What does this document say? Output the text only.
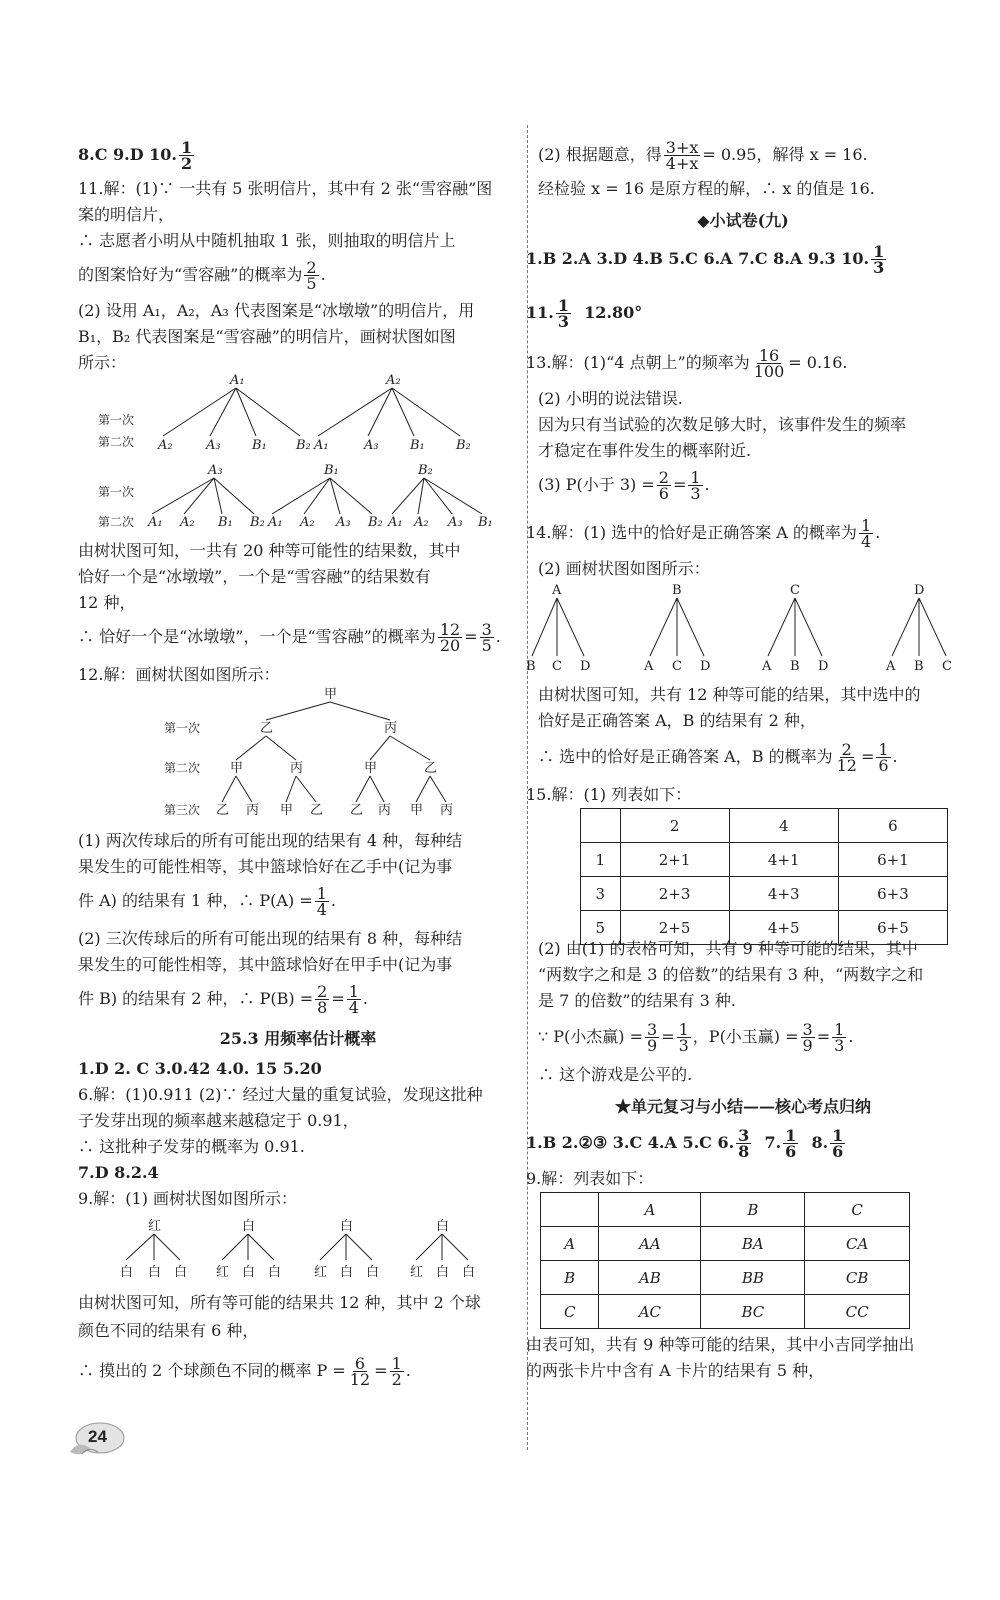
8.C 9.D 10. $\frac{1}{2}$
11.解：(1)∵ 一共有 5 张明信片，其中有 2 张“雪容融”图
案的明信片，
∴ 志愿者小明从中随机抽取 1 张，则抽取的明信片上
的图案恰好为“雪容融”的概率为 $\frac{2}{5}$ .
(2) 设用 A₁，A₂，A₃ 代表图案是“冰墩墩”的明信片，用
B₁，B₂ 代表图案是“雪容融”的明信片，画树状图如图
所示：
第一次
第二次
A₁	A₂
A₂	A₃ B₁ B₂ A₁	A₃ B₁ B₂
A₃	B₁	B₂
A₁ A₂ B₁ B₂ A₁ A₂ A₃ B₂ A₁ A₂ A₃ B₁
第一次
第二次
由树状图可知，一共有 20 种等可能性的结果数，其中
恰好一个是“冰墩墩”，一个是“雪容融”的结果数有
12 种，
∴ 恰好一个是“冰墩墩”，一个是“雪容融”的概率为 $\frac{12}{20} = \frac{3}{5}$ .
12.解：画树状图如图所示：
甲
乙	丙
甲	丙	甲	乙
乙 丙 甲 乙 乙 丙 甲 丙
第一次
第二次
第三次
(1) 两次传球后的所有可能出现的结果有 4 种，每种结
果发生的可能性相等，其中篮球恰好在乙手中(记为事
件 A) 的结果有 1 种，∴ $P(A) = \frac{1}{4}$ .
(2) 三次传球后的所有可能出现的结果有 8 种，每种结
果发生的可能性相等，其中篮球恰好在甲手中(记为事
件 B) 的结果有 2 种，∴ $P(B) = \frac{2}{8} = \frac{1}{4}$ .
25.3 用频率估计概率
1.D 2. C 3.0.42 4.0. 15 5.20
6.解：(1)0.911 (2)∵ 经过大量的重复试验，发现这批种
子发芽出现的频率越来越稳定于 0.91，
∴ 这批种子发芽的概率为 0.91.
7.D 8.2.4
9.解：(1) 画树状图如图所示：
红	白	白	白
白 白 白 红 白 白	红 白 白 红 白 白
由树状图可知，所有等可能的结果共 12 种，其中 2 个球
颜色不同的结果有 6 种，
∴ 摸出的 2 个球颜色不同的概率 $P = \frac{6}{12} = \frac{1}{2}$ .
(2) 根据题意，得 $\frac{3+x}{4+x} = 0.95$，解得 x = 16.
经检验 x = 16 是原方程的解，∴ x 的值是 16.
◆小试卷(九)
1.B 2.A 3.D 4.B 5.C 6.A 7.C 8.A 9.3 10. $\frac{1}{3}$
11. $\frac{1}{3} 12.80^\circ$
13.解：(1)“4 点朝上”的频率为 $\frac{16}{100} = 0.16$.
(2) 小明的说法错误.
因为只有当试验的次数足够大时，该事件发生的频率
才稳定在事件发生的概率附近.
(3) P(小于 $3) = \frac{2}{6} = \frac{1}{3}$ .
14.解：(1) 选中的恰好是正确答案 A 的概率为 $\frac{1}{4}$ .
(2) 画树状图如图所示：
A	B	C	D
B C D	A C D	A B D	A B C
由树状图可知，共有 12 种等可能的结果，其中选中的
恰好是正确答案 A，B 的结果有 2 种，
∴ 选中的恰好是正确答案 A，B 的概率为 $\frac{2}{12} = \frac{1}{6}$ .
15.解：(1) 列表如下：
	2	4	6
1	2+1	4+1	6+1
3	2+3	4+3	6+3
5	2+5	4+5	6+5
(2) 由(1) 的表格可知，共有 9 种等可能的结果，其中
“两数字之和是 3 的倍数”的结果有 3 种，“两数字之和
是 7 的倍数”的结果有 3 种.
∵ P(小杰赢) = $\frac{3}{9} = \frac{1}{3}$ ，P(小玉赢) = $\frac{3}{9} = \frac{1}{3}$ .
∴ 这个游戏是公平的.
★单元复习与小结——核心考点归纳
1.B 2.②③ 3.C 4.A 5.C 6. $\frac{3}{8} 7$. $\frac{1}{6} 8$. $\frac{1}{6}$
9.解：列表如下：
	A	B	C
A	AA	BA	CA
B	AB	BB	CB
C	AC	BC	CC
由表可知，共有 9 种等可能的结果，其中小吉同学抽出
的两张卡片中含有 A 卡片的结果有 5 种，
24
